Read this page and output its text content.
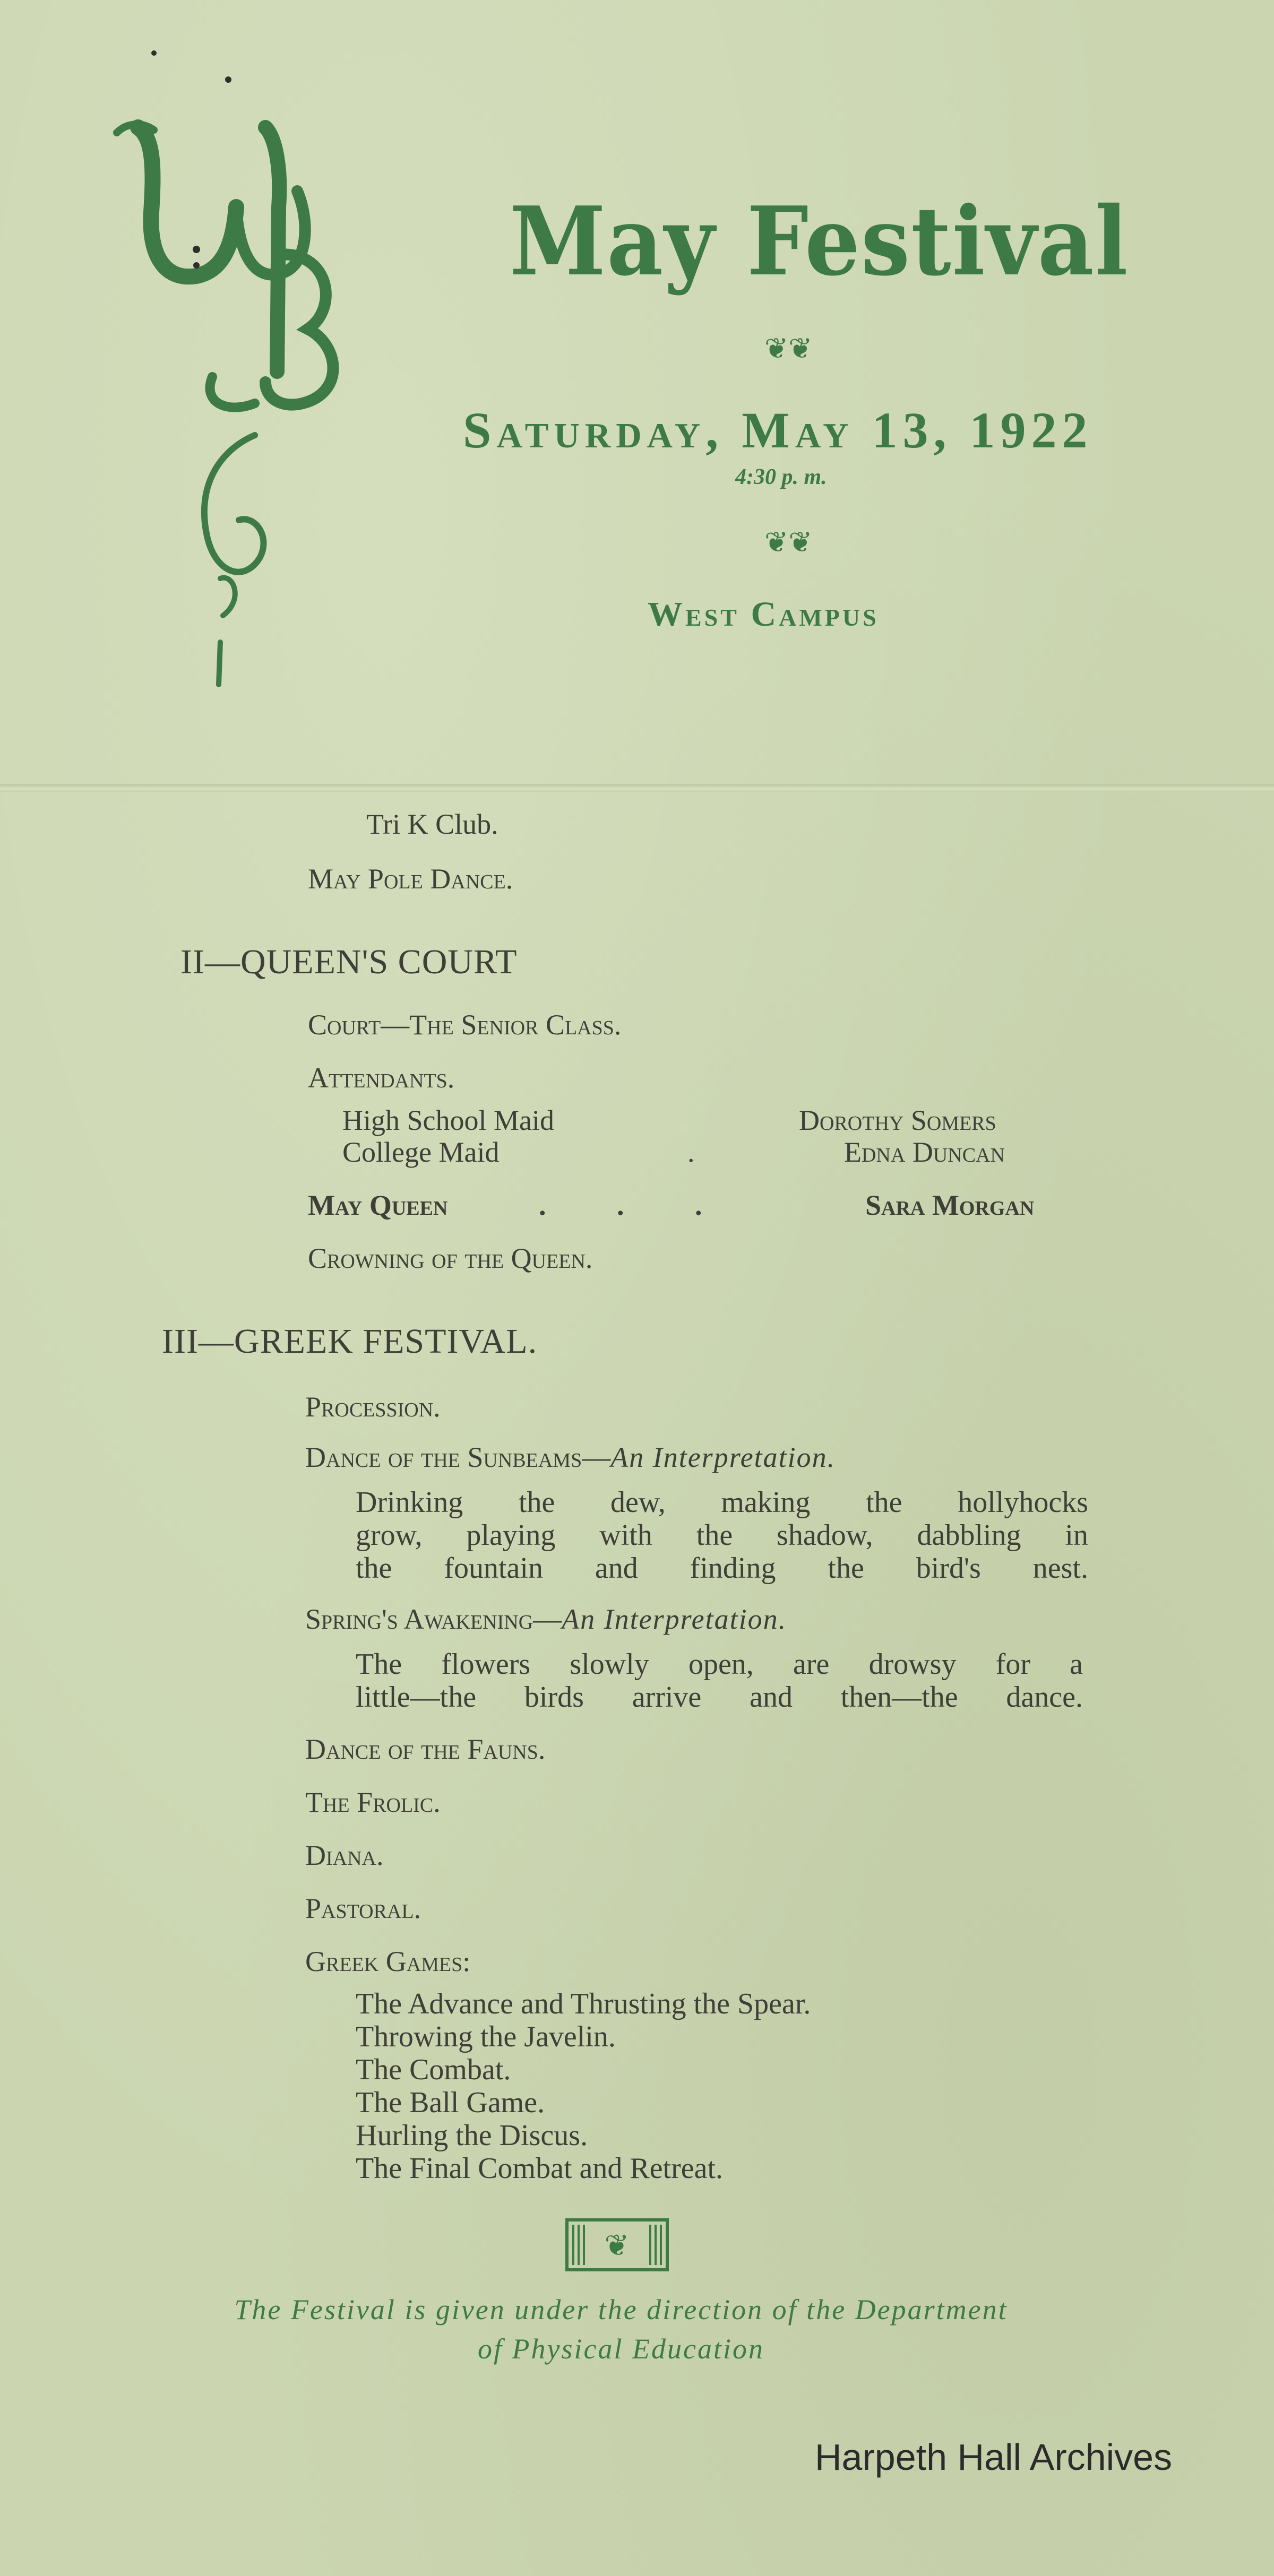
May Festival
❦❦
Saturday, May 13, 1922
4:30 p. m.
❦❦
West Campus
Tri K Club.
May Pole Dance.
II—QUEEN'S COURT
Court—The Senior Class.
Attendants.
High School Maid	Dorothy Somers
College Maid	.	Edna Duncan
May Queen	. . .	Sara Morgan
Crowning of the Queen.
III—GREEK FESTIVAL.
Procession.
Dance of the Sunbeams—An Interpretation.
Drinking the dew, making the hollyhocks
grow, playing with the shadow, dabbling in
the fountain and finding the bird's nest.
Spring's Awakening—An Interpretation.
The flowers slowly open, are drowsy for a
little—the birds arrive and then—the dance.
Dance of the Fauns.
The Frolic.
Diana.
Pastoral.
Greek Games:
The Advance and Thrusting the Spear.
Throwing the Javelin.
The Combat.
The Ball Game.
Hurling the Discus.
The Final Combat and Retreat.
❦
The Festival is given under the direction of the Department
of Physical Education
Harpeth Hall Archives
